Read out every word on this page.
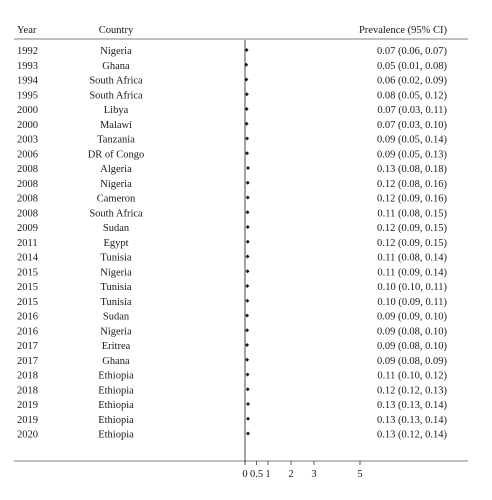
Year	Country	Prevalence (95% CI)
1992	Nigeria	0.07 (0.06, 0.07)
1993	Ghana	0.05 (0.01, 0.08)
1994	South Africa	0.06 (0.02, 0.09)
1995	South Africa	0.08 (0.05, 0.12)
2000	Libya	0.07 (0.03, 0.11)
2000	Malawi	0.07 (0.03, 0.10)
2003	Tanzania	0.09 (0.05, 0.14)
2006	DR of Congo	0.09 (0.05, 0.13)
2008	Algeria	0.13 (0.08, 0.18)
2008	Nigeria	0.12 (0.08, 0.16)
2008	Cameron	0.12 (0.09, 0.16)
2008	South Africa	0.11 (0.08, 0.15)
2009	Sudan	0.12 (0.09, 0.15)
2011	Egypt	0.12 (0.09, 0.15)
2014	Tunisia	0.11 (0.08, 0.14)
2015	Nigeria	0.11 (0.09, 0.14)
2015	Tunisia	0.10 (0.10, 0.11)
2015	Tunisia	0.10 (0.09, 0.11)
2016	Sudan	0.09 (0.09, 0.10)
2016	Nigeria	0.09 (0.08, 0.10)
2017	Eritrea	0.09 (0.08, 0.10)
2017	Ghana	0.09 (0.08, 0.09)
2018	Ethiopia	0.11 (0.10, 0.12)
2018	Ethiopia	0.12 (0.12, 0.13)
2019	Ethiopia	0.13 (0.13, 0.14)
2019	Ethiopia	0.13 (0.13, 0.14)
2020	Ethiopia	0.13 (0.12, 0.14)
0 0.5 1 2 3	5
